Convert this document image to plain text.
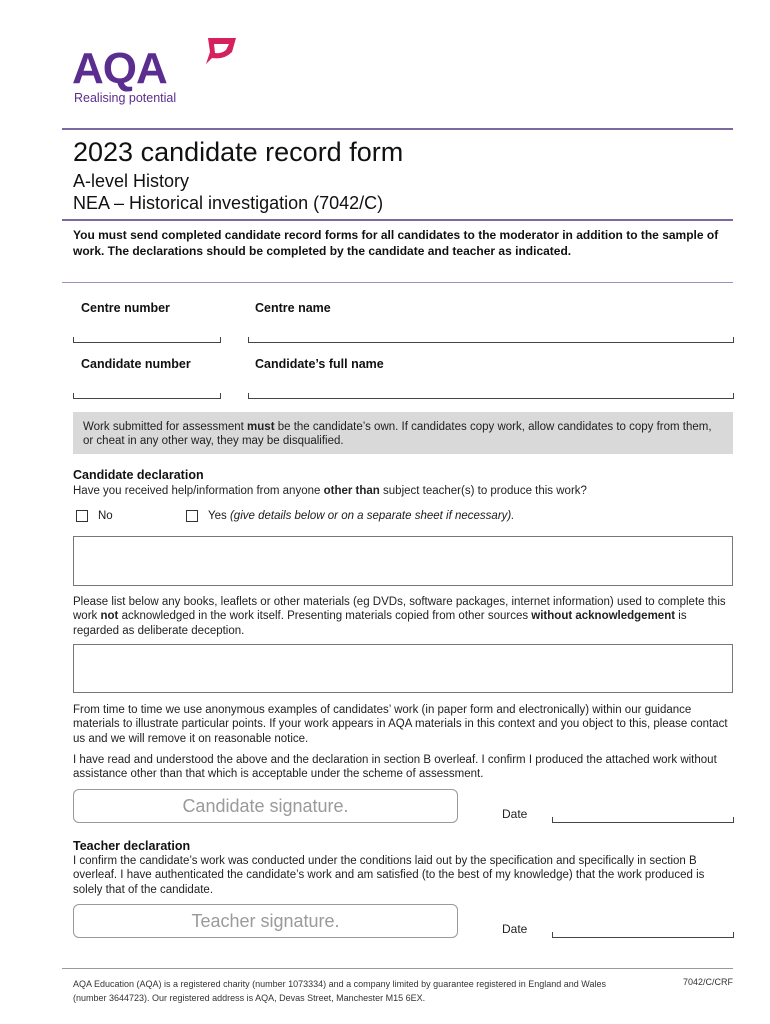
AQA
Realising potential
2023 candidate record form
A-level History
NEA – Historical investigation (7042/C)
You must send completed candidate record forms for all candidates to the moderator in addition to the sample of work. The declarations should be completed by the candidate and teacher as indicated.
Centre number	Centre name
Candidate number	Candidate’s full name
Work submitted for assessment must be the candidate’s own. If candidates copy work, allow candidates to copy from them, or cheat in any other way, they may be disqualified.
Candidate declaration
Have you received help/information from anyone other than subject teacher(s) to produce this work?
No	Yes
(give details below or on a separate sheet if necessary).
Please list below any books, leaflets or other materials (eg DVDs, software packages, internet information) used to complete this work not acknowledged in the work itself. Presenting materials copied from other sources without acknowledgement is regarded as deliberate deception.
From time to time we use anonymous examples of candidates’ work (in paper form and electronically) within our guidance materials to illustrate particular points. If your work appears in AQA materials in this context and you object to this, please contact us and we will remove it on reasonable notice.
I have read and understood the above and the declaration in section B overleaf. I confirm I produced the attached work without assistance other than that which is acceptable under the scheme of assessment.
Candidate signature.	Date
Teacher declaration
I confirm the candidate’s work was conducted under the conditions laid out by the specification and specifically in section B overleaf. I have authenticated the candidate’s work and am satisfied (to the best of my knowledge) that the work produced is solely that of the candidate.
Teacher signature.	Date
AQA Education (AQA) is a registered charity (number 1073334) and a company limited by guarantee registered in England and Wales (number 3644723). Our registered address is AQA, Devas Street, Manchester M15 6EX.
7042/C/CRF
